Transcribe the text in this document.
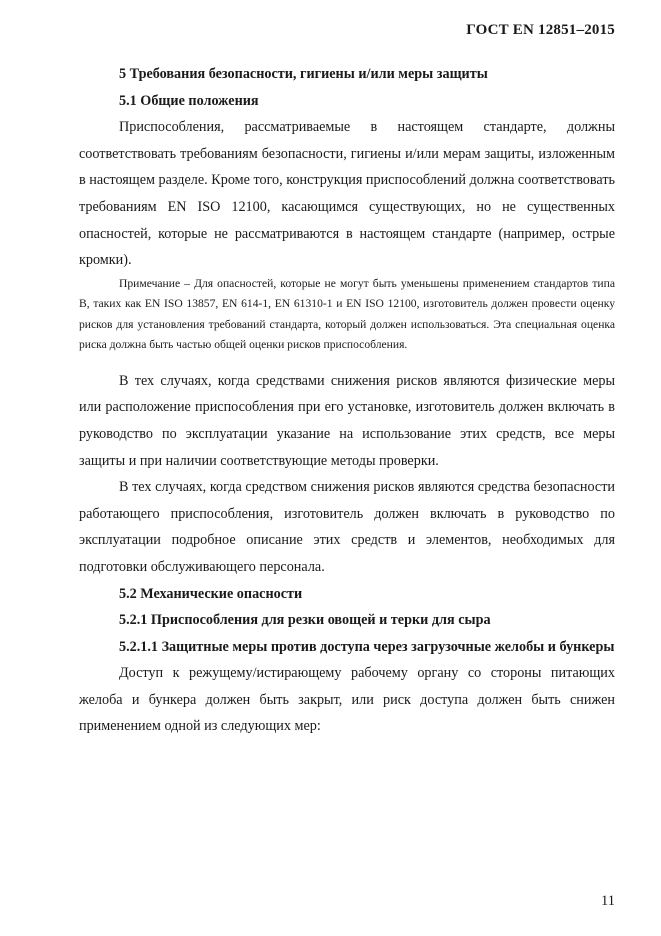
ГОСТ EN 12851–2015
5 Требования безопасности, гигиены и/или меры защиты
5.1 Общие положения

Приспособления, рассматриваемые в настоящем стандарте, должны соответствовать требованиям безопасности, гигиены и/или мерам защиты, изложенным в настоящем разделе. Кроме того, конструкция приспособлений должна соответствовать требованиям EN ISO 12100, касающимся существующих, но не существенных опасностей, которые не рассматриваются в настоящем стандарте (например, острые кромки).

Примечание – Для опасностей, которые не могут быть уменьшены применением стандартов типа В, таких как EN ISO 13857, EN 614-1, EN 61310-1 и EN ISO 12100, изготовитель должен провести оценку рисков для установления требований стандарта, который должен использоваться. Эта специальная оценка риска должна быть частью общей оценки рисков приспособления.

В тех случаях, когда средствами снижения рисков являются физические меры или расположение приспособления при его установке, изготовитель должен включать в руководство по эксплуатации указание на использование этих средств, все меры защиты и при наличии соответствующие методы проверки.

В тех случаях, когда средством снижения рисков являются средства безопасности работающего приспособления, изготовитель должен включать в руководство по эксплуатации подробное описание этих средств и элементов, необходимых для подготовки обслуживающего персонала.

5.2 Механические опасности
5.2.1 Приспособления для резки овощей и терки для сыра

5.2.1.1 Защитные меры против доступа через загрузочные желобы и бункеры

Доступ к режущему/истирающему рабочему органу со стороны питающих желоба и бункера должен быть закрыт, или риск доступа должен быть снижен применением одной из следующих мер:

11
